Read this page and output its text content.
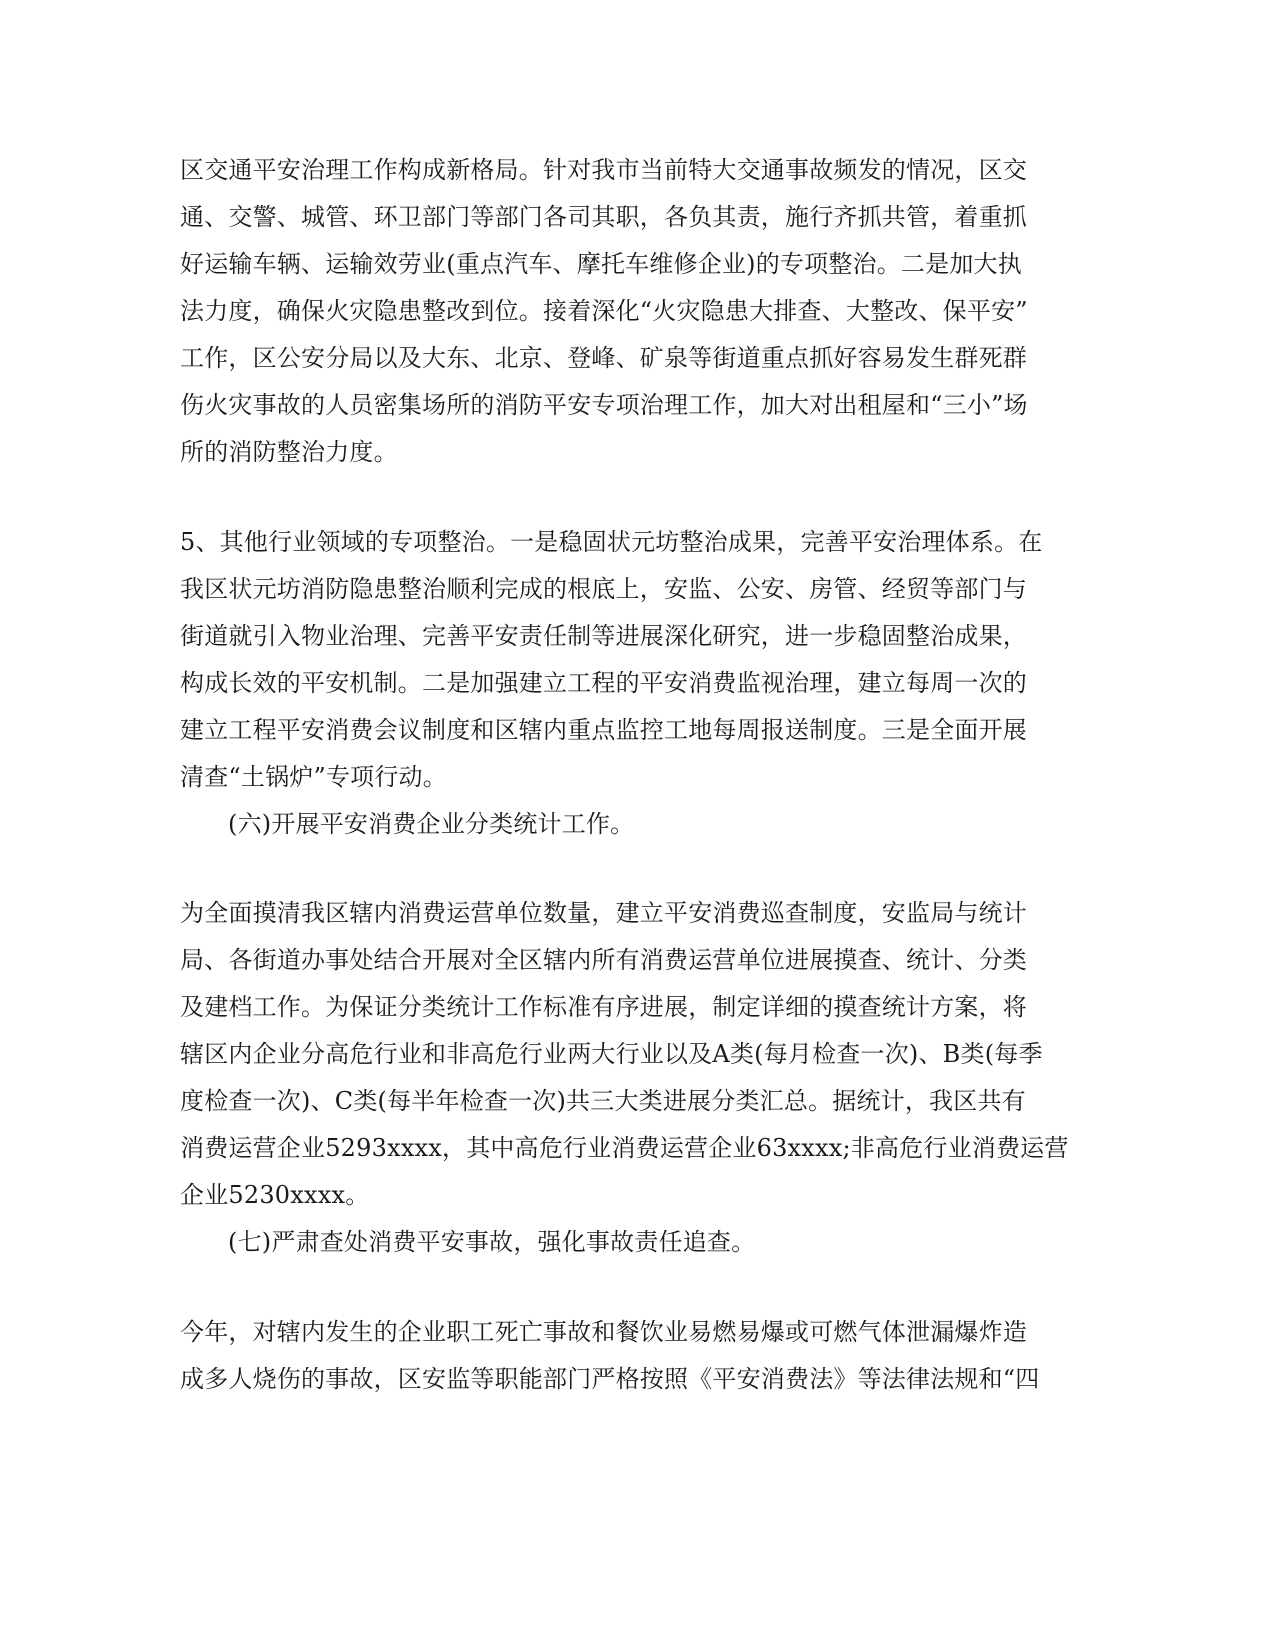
区交通平安治理工作构成新格局。针对我市当前特大交通事故频发的情况，区交
通、交警、城管、环卫部门等部门各司其职，各负其责，施行齐抓共管，着重抓
好运输车辆、运输效劳业(重点汽车、摩托车维修企业)的专项整治。二是加大执
法力度，确保火灾隐患整改到位。接着深化“火灾隐患大排查、大整改、保平安”
工作，区公安分局以及大东、北京、登峰、矿泉等街道重点抓好容易发生群死群
伤火灾事故的人员密集场所的消防平安专项治理工作，加大对出租屋和“三小”场
所的消防整治力度。
5、其他行业领域的专项整治。一是稳固状元坊整治成果，完善平安治理体系。在
我区状元坊消防隐患整治顺利完成的根底上，安监、公安、房管、经贸等部门与
街道就引入物业治理、完善平安责任制等进展深化研究，进一步稳固整治成果，
构成长效的平安机制。二是加强建立工程的平安消费监视治理，建立每周一次的
建立工程平安消费会议制度和区辖内重点监控工地每周报送制度。三是全面开展
清查“土锅炉”专项行动。
(六)开展平安消费企业分类统计工作。
为全面摸清我区辖内消费运营单位数量，建立平安消费巡查制度，安监局与统计
局、各街道办事处结合开展对全区辖内所有消费运营单位进展摸查、统计、分类
及建档工作。为保证分类统计工作标准有序进展，制定详细的摸查统计方案，将
辖区内企业分高危行业和非高危行业两大行业以及A类(每月检查一次)、B类(每季
度检查一次)、C类(每半年检查一次)共三大类进展分类汇总。据统计，我区共有
消费运营企业5293xxxx，其中高危行业消费运营企业63xxxx;非高危行业消费运营
企业5230xxxx。
(七)严肃查处消费平安事故，强化事故责任追查。
今年，对辖内发生的企业职工死亡事故和餐饮业易燃易爆或可燃气体泄漏爆炸造
成多人烧伤的事故，区安监等职能部门严格按照《平安消费法》等法律法规和“四
